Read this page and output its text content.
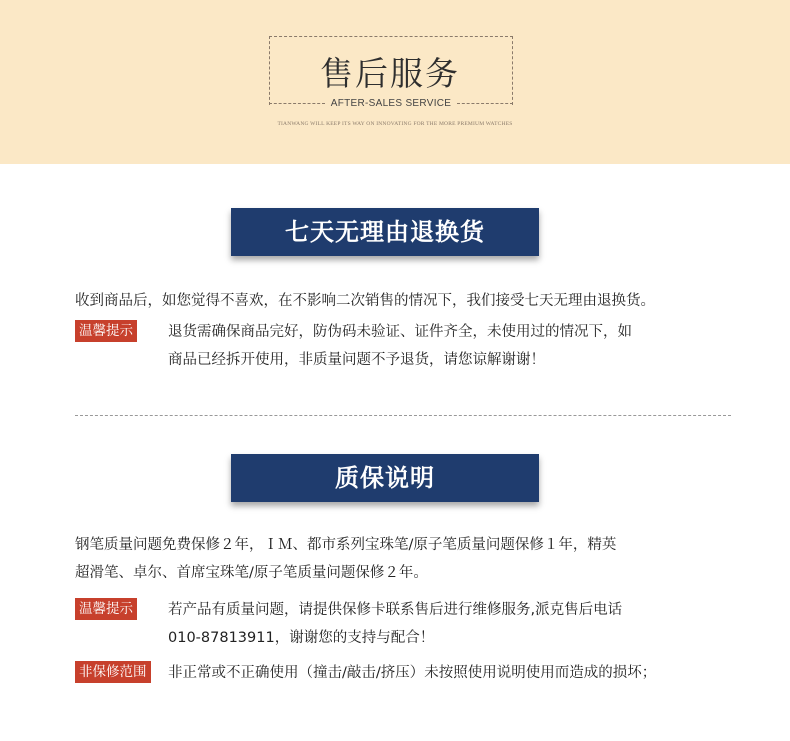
售后服务
AFTER-SALES SERVICE
TIANWANG WILL KEEP ITS WAY ON INNOVATING FOR THE MORE PREMIUM WATCHES
七天无理由退换货
收到商品后，如您觉得不喜欢，在不影响二次销售的情况下，我们接受七天无理由退换货。
温馨提示 退货需确保商品完好，防伪码未验证、证件齐全，未使用过的情况下，如
商品已经拆开使用，非质量问题不予退货，请您谅解谢谢！
质保说明
钢笔质量问题免费保修２年，ＩＭ、都市系列宝珠笔/原子笔质量问题保修１年，精英
超滑笔、卓尔、首席宝珠笔/原子笔质量问题保修２年。
温馨提示 若产品有质量问题，请提供保修卡联系售后进行维修服务,派克售后电话
010-87813911，谢谢您的支持与配合！
非保修范围 非正常或不正确使用（撞击/敲击/挤压）未按照使用说明使用而造成的损坏；
